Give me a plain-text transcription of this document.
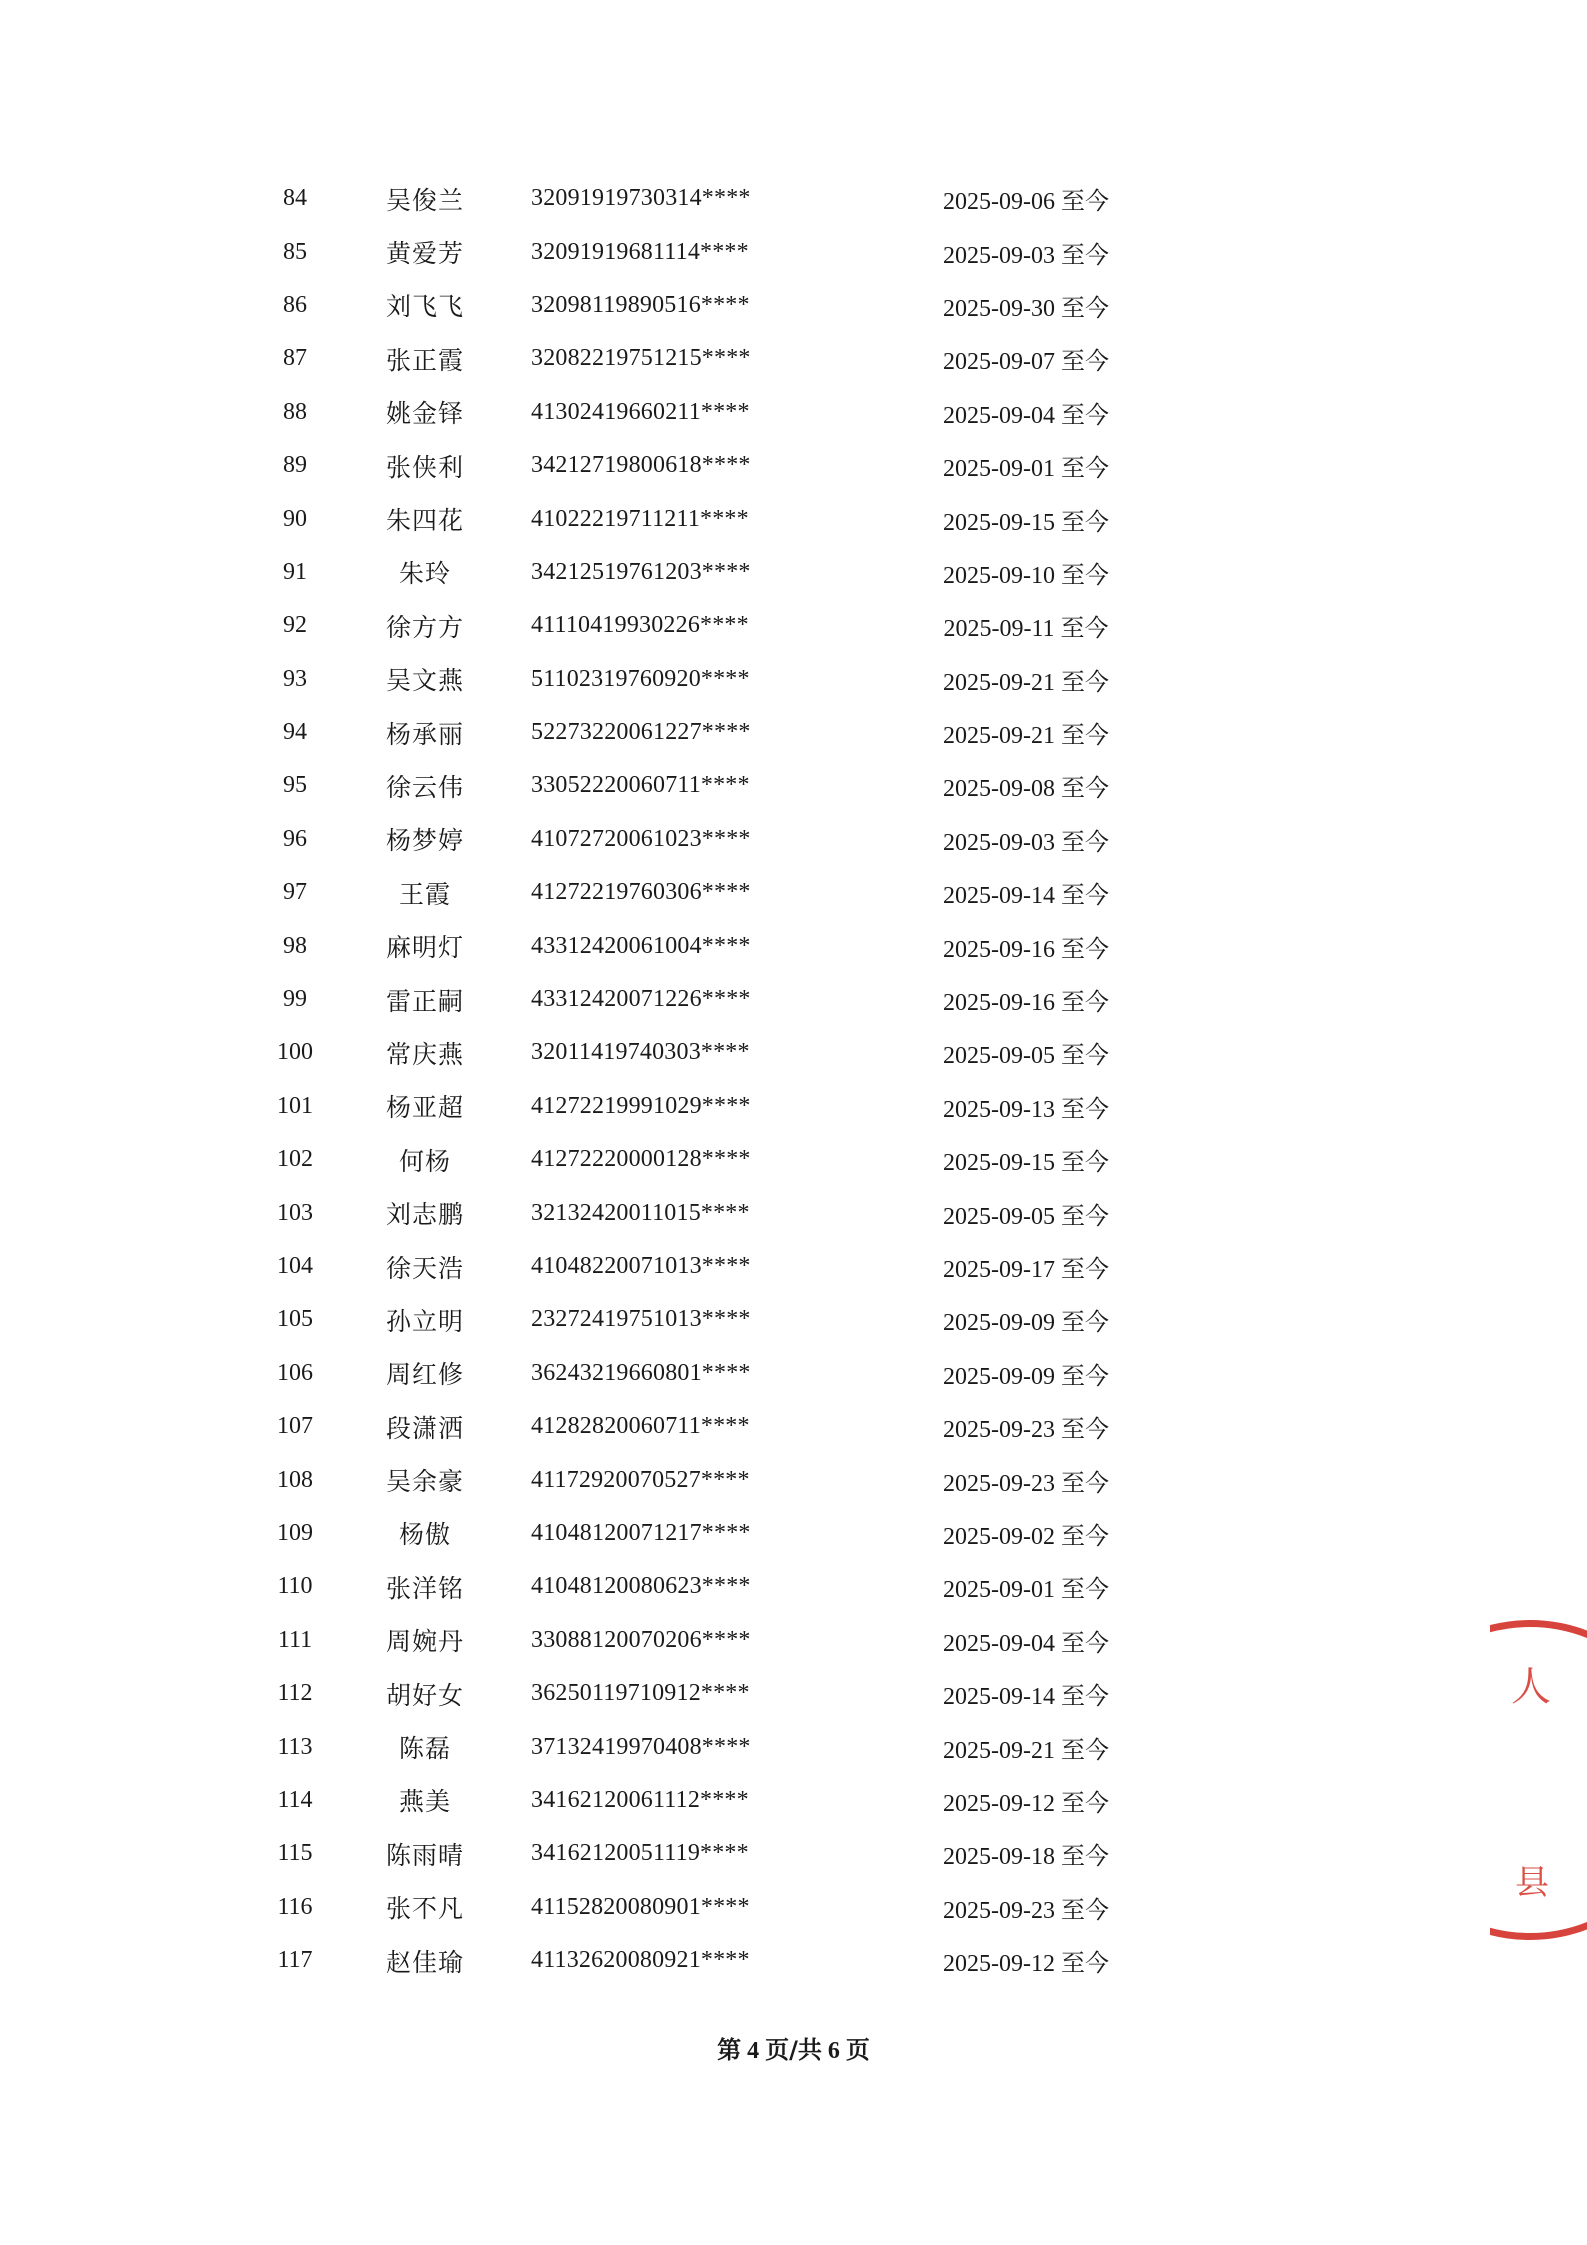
84	吴俊兰	32091919730314****	2025-09-06 至今
85	黄爱芳	32091919681114****	2025-09-03 至今
86	刘飞飞	32098119890516****	2025-09-30 至今
87	张正霞	32082219751215****	2025-09-07 至今
88	姚金铎	41302419660211****	2025-09-04 至今
89	张侠利	34212719800618****	2025-09-01 至今
90	朱四花	41022219711211****	2025-09-15 至今
91	朱玲	34212519761203****	2025-09-10 至今
92	徐方方	41110419930226****	2025-09-11 至今
93	吴文燕	51102319760920****	2025-09-21 至今
94	杨承丽	52273220061227****	2025-09-21 至今
95	徐云伟	33052220060711****	2025-09-08 至今
96	杨梦婷	41072720061023****	2025-09-03 至今
97	王霞	41272219760306****	2025-09-14 至今
98	麻明灯	43312420061004****	2025-09-16 至今
99	雷正嗣	43312420071226****	2025-09-16 至今
100	常庆燕	32011419740303****	2025-09-05 至今
101	杨亚超	41272219991029****	2025-09-13 至今
102	何杨	41272220000128****	2025-09-15 至今
103	刘志鹏	32132420011015****	2025-09-05 至今
104	徐天浩	41048220071013****	2025-09-17 至今
105	孙立明	23272419751013****	2025-09-09 至今
106	周红修	36243219660801****	2025-09-09 至今
107	段潇洒	41282820060711****	2025-09-23 至今
108	吴余豪	41172920070527****	2025-09-23 至今
109	杨傲	41048120071217****	2025-09-02 至今
110	张洋铭	41048120080623****	2025-09-01 至今
111	周婉丹	33088120070206****	2025-09-04 至今
112	胡好女	36250119710912****	2025-09-14 至今
113	陈磊	37132419970408****	2025-09-21 至今
114	燕美	34162120061112****	2025-09-12 至今
115	陈雨晴	34162120051119****	2025-09-18 至今
116	张不凡	41152820080901****	2025-09-23 至今
117	赵佳瑜	41132620080921****	2025-09-12 至今
第 4 页/共 6 页
人
县
